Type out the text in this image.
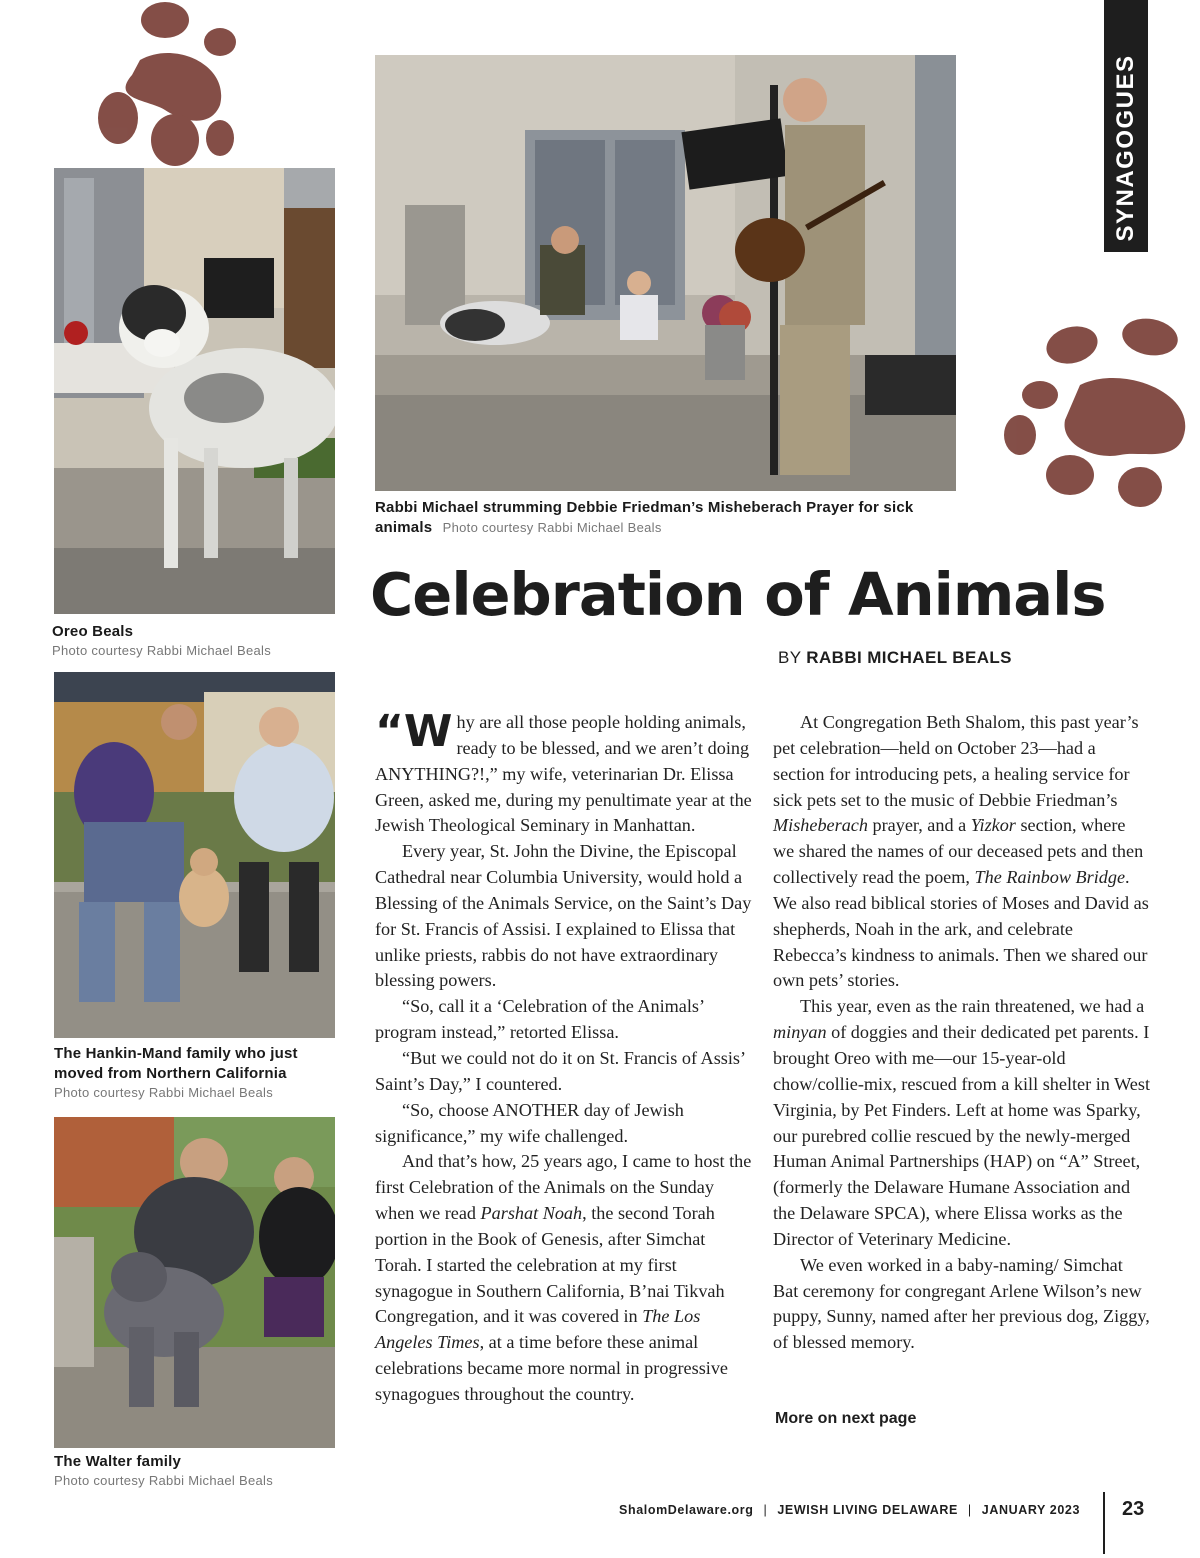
SYNAGOGUES
Rabbi Michael strumming Debbie Friedman’s Misheberach Prayer for sick animals Photo courtesy Rabbi Michael Beals
Oreo Beals
Photo courtesy Rabbi Michael Beals
The Hankin-Mand family who just
moved from Northern California
Photo courtesy Rabbi Michael Beals
The Walter family
Photo courtesy Rabbi Michael Beals
Celebration of Animals
BY RABBI MICHAEL BEALS

“W hy are all those people holding animals, ready to be blessed, and we aren’t doing ANYTHING?!,” my wife, veterinarian Dr. Elissa Green, asked me, during my penultimate year at the Jewish Theological Seminary in Manhattan.

Every year, St. John the Divine, the Episcopal Cathedral near Columbia University, would hold a Blessing of the Animals Service, on the Saint’s Day for St. Francis of Assisi. I explained to Elissa that unlike priests, rabbis do not have extraordinary blessing powers.

“So, call it a ‘Celebration of the Animals’ program instead,” retorted Elissa.

“But we could not do it on St. Francis of Assis’ Saint’s Day,” I countered.

“So, choose ANOTHER day of Jewish significance,” my wife challenged.

And that’s how, 25 years ago, I came to host the first Celebration of the Animals on the Sunday when we read Parshat Noah, the second Torah portion in the Book of Genesis, after Simchat Torah. I started the celebration at my first synagogue in Southern California, B’nai Tikvah Congregation, and it was covered in The Los Angeles Times, at a time before these animal celebrations became more normal in progressive synagogues throughout the country.

At Congregation Beth Shalom, this past year’s pet celebration—held on October 23—had a section for introducing pets, a healing service for sick pets set to the music of Debbie Friedman’s Misheberach prayer, and a Yizkor section, where we shared the names of our deceased pets and then collectively read the poem, The Rainbow Bridge. We also read biblical stories of Moses and David as shepherds, Noah in the ark, and celebrate Rebecca’s kindness to animals. Then we shared our own pets’ stories.

This year, even as the rain threatened, we had a minyan of doggies and their dedicated pet parents. I brought Oreo with me—our 15-year-old chow/collie-mix, rescued from a kill shelter in West Virginia, by Pet Finders. Left at home was Sparky, our purebred collie rescued by the newly-merged Human Animal Partnerships (HAP) on “A” Street, (formerly the Delaware Humane Association and the Delaware SPCA), where Elissa works as the Director of Veterinary Medicine.

We even worked in a baby-naming/ Simchat Bat ceremony for congregant Arlene Wilson’s new puppy, Sunny, named after her previous dog, Ziggy, of blessed memory.

More on next page
ShalomDelaware.org | JEWISH LIVING DELAWARE | JANUARY 2023 23
